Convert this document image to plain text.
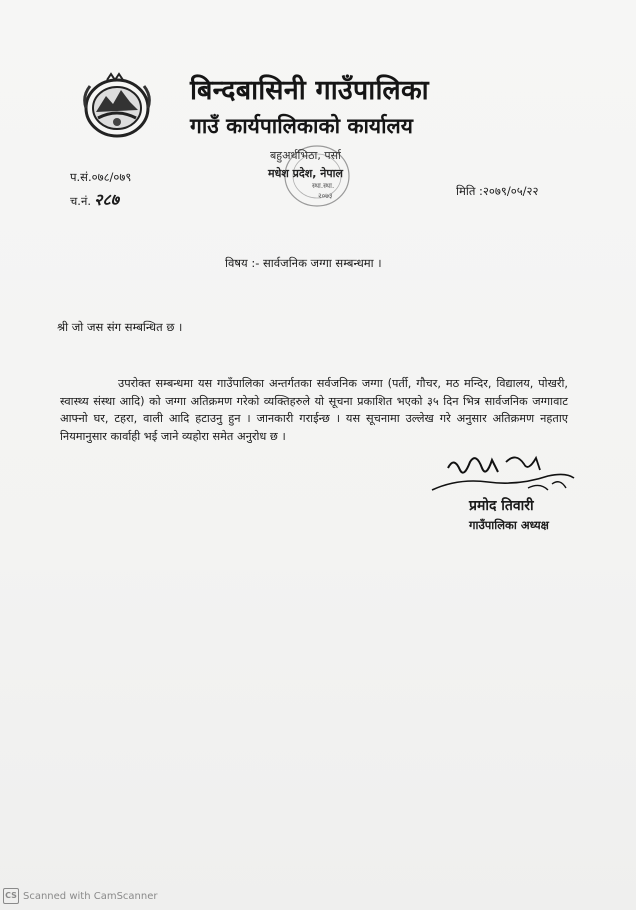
बिन्दबासिनी गाउँपालिका
गाउँ कार्यपालिकाको कार्यालय
बहुअर्थभिठा, पर्सा
मधेश प्रदेश, नेपाल
स्था.स्था.
२०७३
प.सं.०७८/०७९
च.नं. २८७	मिति :२०७९/०५/२२
विषय :- सार्वजनिक जग्गा सम्बन्धमा ।
श्री जो जस संग सम्बन्धित छ ।
उपरोक्त सम्बन्धमा यस गाउँपालिका अन्तर्गतका सर्वजनिक जग्गा (पर्ती, गौचर, मठ मन्दिर, विद्यालय, पोखरी, स्वास्थ्य संस्था आदि) को जग्गा अतिक्रमण गरेको व्यक्तिहरुले यो सूचना प्रकाशित भएको ३५ दिन भित्र सार्वजनिक जग्गावाट आफ्नो घर, टहरा, वाली आदि हटाउनु हुन । जानकारी गराईन्छ । यस सूचनामा उल्लेख गरे अनुसार अतिक्रमण नहताए नियमानुसार कार्वाही भई जाने व्यहोरा समेत अनुरोध छ ।
प्रमोद तिवारी
गाउँपालिका अध्यक्ष
CS Scanned with CamScanner
